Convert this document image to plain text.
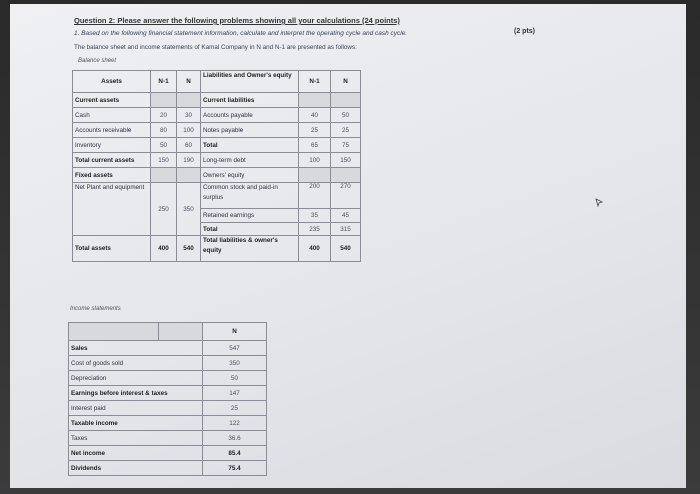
Question 2: Please answer the following problems showing all your calculations (24 points)
(2 pts)
1. Based on the following financial statement information, calculate and interpret the operating cycle and cash cycle.
The balance sheet and income statements of Kamal Company in N and N-1 are presented as follows:
Balance sheet
Assets	N-1	N	Liabilities and Owner's equity	N-1	N	
Current assets			Current liabilities			
Cash	20	30	Accounts payable	40	50	
Accounts receivable	80	100	Notes payable	25	25	
Inventory	50	60	Total	65	75	
Total current assets	150	190	Long-term debt	100	150	
Fixed assets			Owners' equity			
Net Plant and equipment	250	350	Common stock and paid-in surplus	200	270	
			Retained earnings	35	45	
			Total	235	315	
Total assets	400	540	Total liabilities & owner's equity	400	540	
Income statements
		N
Sales		547
Cost of goods sold		350
Depreciation		50
Earnings before interest & taxes		147
Interest paid		25
Taxable income		122
Taxes		36.6
Net income		85.4
Dividends		75.4
